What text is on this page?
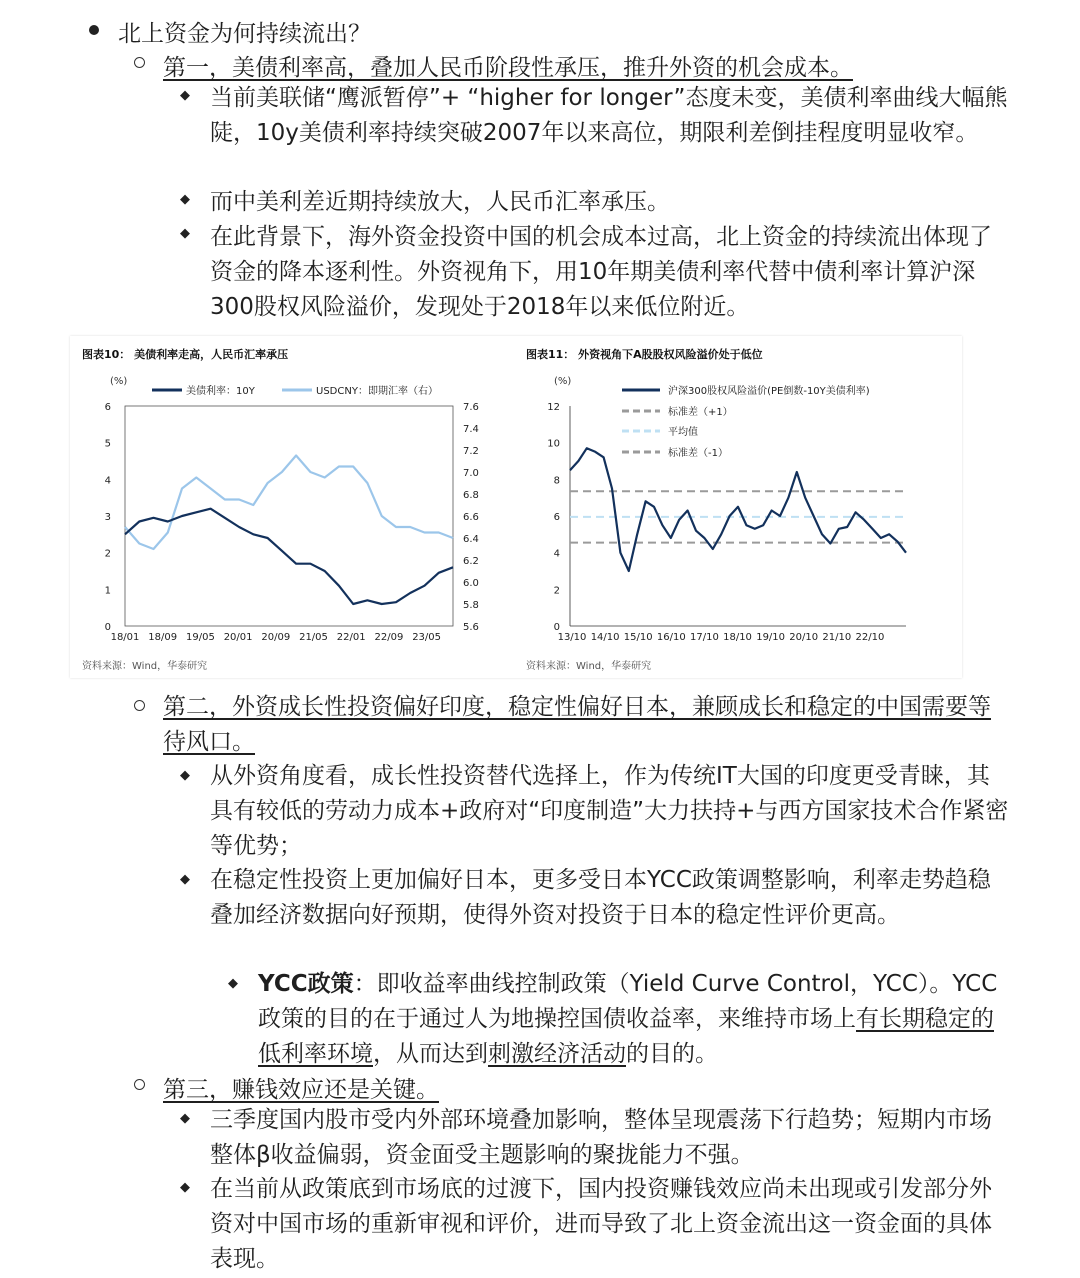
北上资金为何持续流出？
第一，美债利率高，叠加人民币阶段性承压，推升外资的机会成本。
◆ 当前美联储“鹰派暂停”+ “higher for longer”态度未变，美债利率曲线大幅熊陡，10y美债利率持续突破2007年以来高位，期限利差倒挂程度明显收窄。
◆ 而中美利差近期持续放大，人民币汇率承压。
◆ 在此背景下，海外资金投资中国的机会成本过高，北上资金的持续流出体现了资金的降本逐利性。外资视角下，用10年期美债利率代替中债利率计算沪深300股权风险溢价，发现处于2018年以来低位附近。
图表10： 美债利率走高，人民币汇率承压
(%)
6
5
4
3
2
1
0
7.6
7.4
7.2
7.0
6.8
6.6
6.4
6.2
6.0
5.8
5.6
18/01 18/09 19/05 20/01 20/09 21/05 22/01 22/09 23/05
美债利率：10Y	USDCNY：即期汇率（右）
资料来源：Wind，华泰研究
图表11： 外资视角下A股股权风险溢价处于低位
(%)
12
10
8
6
4
2
0
13/10 14/10 15/10 16/10 17/10 18/10 19/10 20/10 21/10 22/10
沪深300股权风险溢价(PE倒数-10Y美债利率)
标准差（+1）
平均值
标准差（-1）
资料来源：Wind，华泰研究
第二，外资成长性投资偏好印度，稳定性偏好日本，兼顾成长和稳定的中国需要等待风口。
◆ 从外资角度看，成长性投资替代选择上，作为传统IT大国的印度更受青睐，其具有较低的劳动力成本+政府对“印度制造”大力扶持+与西方国家技术合作紧密等优势；
◆ 在稳定性投资上更加偏好日本，更多受日本YCC政策调整影响，利率走势趋稳叠加经济数据向好预期，使得外资对投资于日本的稳定性评价更高。
◆ YCC政策：即收益率曲线控制政策（Yield Curve Control，YCC）。YCC政策的目的在于通过人为地操控国债收益率，来维持市场上有长期稳定的低利率环境，从而达到刺激经济活动的目的。
第三，赚钱效应还是关键。
◆ 三季度国内股市受内外部环境叠加影响，整体呈现震荡下行趋势；短期内市场整体β收益偏弱，资金面受主题影响的聚拢能力不强。
◆ 在当前从政策底到市场底的过渡下，国内投资赚钱效应尚未出现或引发部分外资对中国市场的重新审视和评价，进而导致了北上资金流出这一资金面的具体表现。
